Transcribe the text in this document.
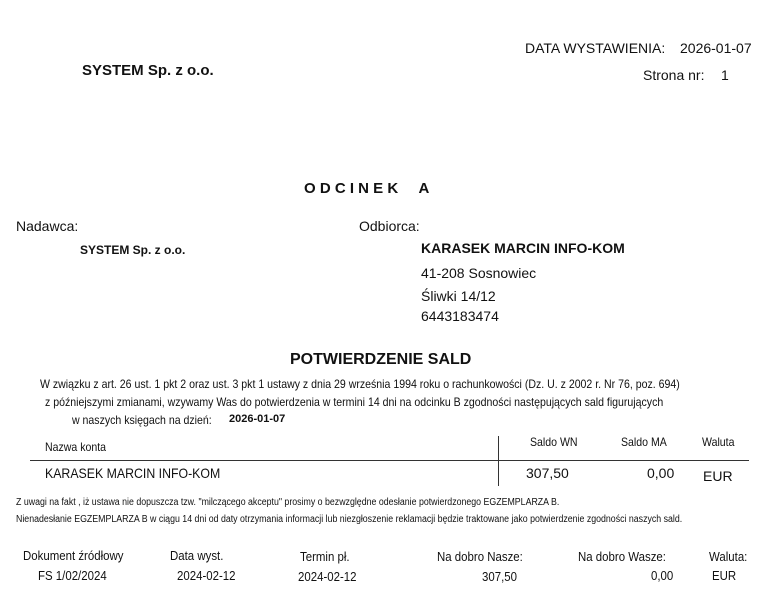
DATA WYSTAWIENIA: 2026-01-07
SYSTEM Sp. z o.o.	Strona nr: 1
O D C I N E K     A
Nadawca:
SYSTEM Sp. z o.o.
Odbiorca:
KARASEK MARCIN INFO-KOM
41-208 Sosnowiec
Śliwki 14/12
6443183474
POTWIERDZENIE SALD
W związku z art. 26 ust. 1 pkt 2 oraz ust. 3 pkt 1 ustawy z dnia 29 września 1994 roku o rachunkowości (Dz. U. z 2002 r. Nr 76, poz. 694)
z późniejszymi zmianami, wzywamy Was do potwierdzenia w termini 14 dni na odcinku B zgodności następujących sald figurujących
w naszych księgach na dzień:	2026-01-07
Nazwa konta	Saldo WN	Saldo MA	Waluta
KARASEK MARCIN INFO-KOM	307,50	0,00 EUR
Z uwagi na fakt , iż ustawa nie dopuszcza tzw. "milczącego akceptu" prosimy o bezwzględne odesłanie potwierdzonego EGZEMPLARZA B.
Nienadesłanie EGZEMPLARZA B w ciągu 14 dni od daty otrzymania informacji lub niezgłoszenie reklamacji będzie traktowane jako potwierdzenie zgodności naszych sald.
Dokument źródłowy	Data wyst.	Termin pł.	Na dobro Nasze:	Na dobro Wasze:	Waluta:
FS 1/02/2024	2024-02-12	2024-02-12	307,50	0,00	EUR
